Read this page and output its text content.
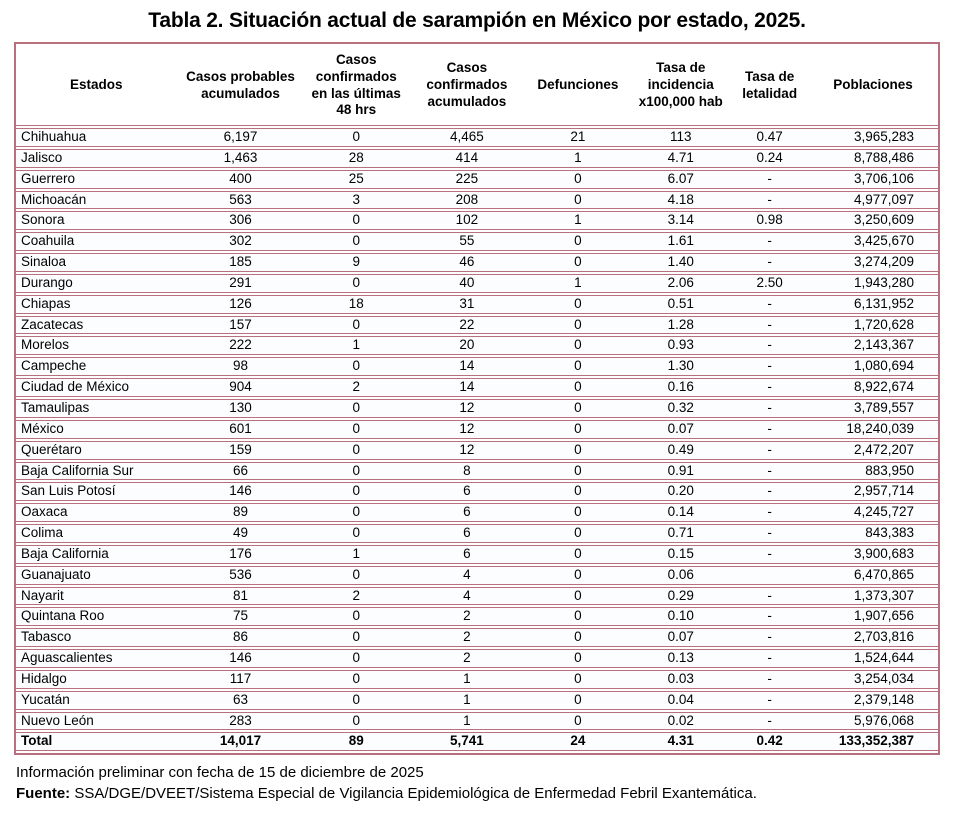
Tabla 2. Situación actual de sarampión en México por estado, 2025.
Estados	Casos probables acumulados	Casos confirmados en las últimas 48 hrs	Casos confirmados acumulados	Defunciones	Tasa de incidencia x100,000 hab	Tasa de letalidad	Poblaciones
Chihuahua	6,197	0	4,465	21	113	0.47	3,965,283
Jalisco	1,463	28	414	1	4.71	0.24	8,788,486
Guerrero	400	25	225	0	6.07	-	3,706,106
Michoacán	563	3	208	0	4.18	-	4,977,097
Sonora	306	0	102	1	3.14	0.98	3,250,609
Coahuila	302	0	55	0	1.61	-	3,425,670
Sinaloa	185	9	46	0	1.40	-	3,274,209
Durango	291	0	40	1	2.06	2.50	1,943,280
Chiapas	126	18	31	0	0.51	-	6,131,952
Zacatecas	157	0	22	0	1.28	-	1,720,628
Morelos	222	1	20	0	0.93	-	2,143,367
Campeche	98	0	14	0	1.30	-	1,080,694
Ciudad de México	904	2	14	0	0.16	-	8,922,674
Tamaulipas	130	0	12	0	0.32	-	3,789,557
México	601	0	12	0	0.07	-	18,240,039
Querétaro	159	0	12	0	0.49	-	2,472,207
Baja California Sur	66	0	8	0	0.91	-	883,950
San Luis Potosí	146	0	6	0	0.20	-	2,957,714
Oaxaca	89	0	6	0	0.14	-	4,245,727
Colima	49	0	6	0	0.71	-	843,383
Baja California	176	1	6	0	0.15	-	3,900,683
Guanajuato	536	0	4	0	0.06		6,470,865
Nayarit	81	2	4	0	0.29	-	1,373,307
Quintana Roo	75	0	2	0	0.10	-	1,907,656
Tabasco	86	0	2	0	0.07	-	2,703,816
Aguascalientes	146	0	2	0	0.13	-	1,524,644
Hidalgo	117	0	1	0	0.03	-	3,254,034
Yucatán	63	0	1	0	0.04	-	2,379,148
Nuevo León	283	0	1	0	0.02	-	5,976,068
Total	14,017	89	5,741	24	4.31	0.42	133,352,387
Información preliminar con fecha de 15 de diciembre de 2025
Fuente: SSA/DGE/DVEET/Sistema Especial de Vigilancia Epidemiológica de Enfermedad Febril Exantemática.
